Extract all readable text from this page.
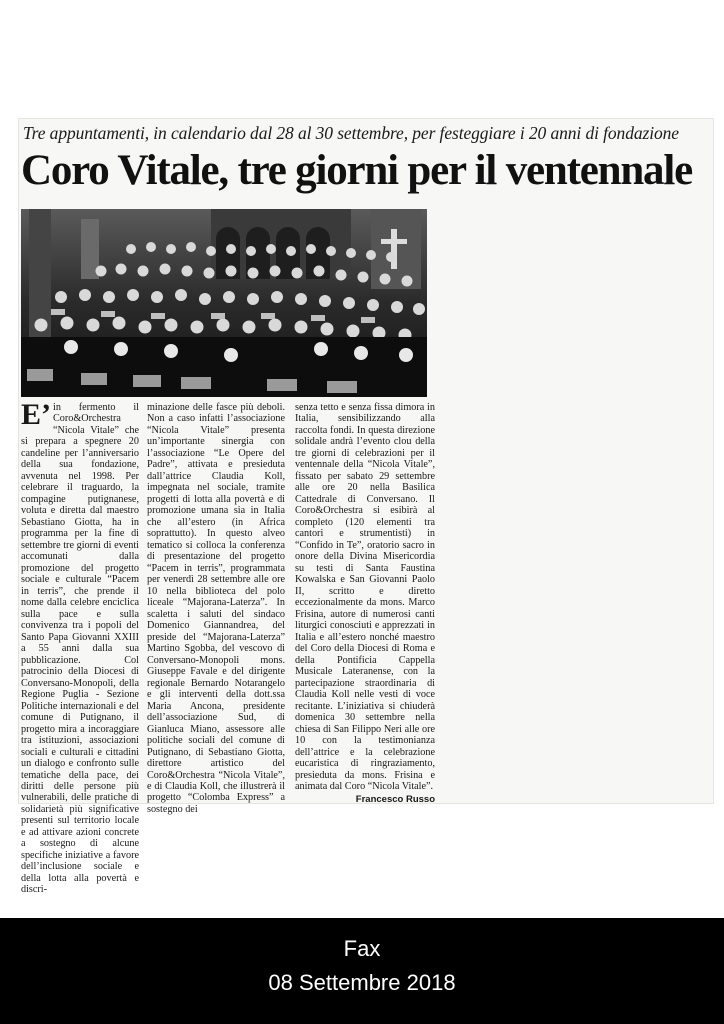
Tre appuntamenti, in calendario dal 28 al 30 settembre, per festeggiare i 20 anni di fondazione
Coro Vitale, tre giorni per il ventennale
E’ in fermento il Coro&Orchestra “Nicola Vitale” che si prepara a spegnere 20 candeline per l’anniversario della sua fondazione, avvenuta nel 1998. Per celebrare il traguardo, la compagine putignanese, voluta e diretta dal maestro Sebastiano Giotta, ha in programma per la fine di settembre tre giorni di eventi accomunati dalla promozione del progetto sociale e culturale “Pacem in terris”, che prende il nome dalla celebre enciclica sulla pace e sulla convivenza tra i popoli del Santo Papa Giovanni XXIII a 55 anni dalla sua pubblicazione. Col patrocinio della Diocesi di Conversano-Monopoli, della Regione Puglia - Sezione Politiche internazionali e del comune di Putignano, il progetto mira a incoraggiare tra istituzioni, associazioni sociali e culturali e cittadini un dialogo e confronto sulle tematiche della pace, dei diritti delle persone più vulnerabili, delle pratiche di solidarietà più significative presenti sul territorio locale e ad attivare azioni concrete a sostegno di alcune specifiche iniziative a favore dell’inclusione sociale e della lotta alla povertà e discri-
minazione delle fasce più deboli. Non a caso infatti l’associazione “Nicola Vitale” presenta un’importante sinergia con l’associazione “Le Opere del Padre”, attivata e presieduta dall’attrice Claudia Koll, impegnata nel sociale, tramite progetti di lotta alla povertà e di promozione umana sia in Italia che all’estero (in Africa soprattutto). In questo alveo tematico si colloca la conferenza di presentazione del progetto “Pacem in terris”, programmata per venerdì 28 settembre alle ore 10 nella biblioteca del polo liceale “Majorana-Laterza”. In scaletta i saluti del sindaco Domenico Giannandrea, del preside del “Majorana-Laterza” Martino Sgobba, del vescovo di Conversano-Monopoli mons. Giuseppe Favale e del dirigente regionale Bernardo Notarangelo e gli interventi della dott.ssa Maria Ancona, presidente dell’associazione Sud, di Gianluca Miano, assessore alle politiche sociali del comune di Putignano, di Sebastiano Giotta, direttore artistico del Coro&Orchestra “Nicola Vitale”, e di Claudia Koll, che illustrerà il progetto “Colomba Express” a sostegno dei
senza tetto e senza fissa dimora in Italia, sensibilizzando alla raccolta fondi. In questa direzione solidale andrà l’evento clou della tre giorni di celebrazioni per il ventennale della “Nicola Vitale”, fissato per sabato 29 settembre alle ore 20 nella Basilica Cattedrale di Conversano. Il Coro&Orchestra si esibirà al completo (120 elementi tra cantori e strumentisti) in “Confido in Te”, oratorio sacro in onore della Divina Misericordia su testi di Santa Faustina Kowalska e San Giovanni Paolo II, scritto e diretto eccezionalmente da mons. Marco Frisina, autore di numerosi canti liturgici conosciuti e apprezzati in Italia e all’estero nonché maestro del Coro della Diocesi di Roma e della Pontificia Cappella Musicale Lateranense, con la partecipazione straordinaria di Claudia Koll nelle vesti di voce recitante. L’iniziativa si chiuderà domenica 30 settembre nella chiesa di San Filippo Neri alle ore 10 con la testimonianza dell’attrice e la celebrazione eucaristica di ringraziamento, presieduta da mons. Frisina e animata dal Coro “Nicola Vitale”.
Francesco Russo
Fax
08 Settembre 2018
